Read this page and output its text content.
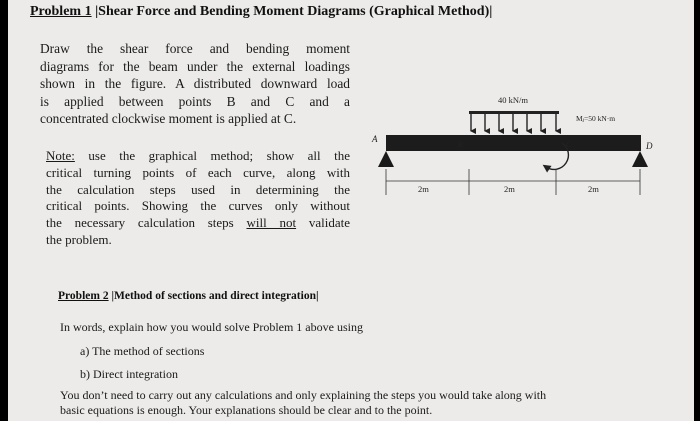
Problem 1 |Shear Force and Bending Moment Diagrams (Graphical Method)|

Draw the shear force and bending moment
diagrams for the beam under the external loadings
shown in the figure. A distributed downward load
is applied between points B and C and a
concentrated clockwise moment is applied at C.

Note: use the graphical method; show all the
critical turning points of each curve, along with
the calculation steps used in determining the
critical points. Showing the curves only without
the necessary calculation steps will not validate
the problem.

40 kN/m
Mⱼ=50 kN·m
A
B	C	D
2m	2m	2m
Problem 2 |Method of sections and direct integration|
In words, explain how you would solve Problem 1 above using
a) The method of sections
b) Direct integration
You don’t need to carry out any calculations and only explaining the steps you would take along with
basic equations is enough. Your explanations should be clear and to the point.
